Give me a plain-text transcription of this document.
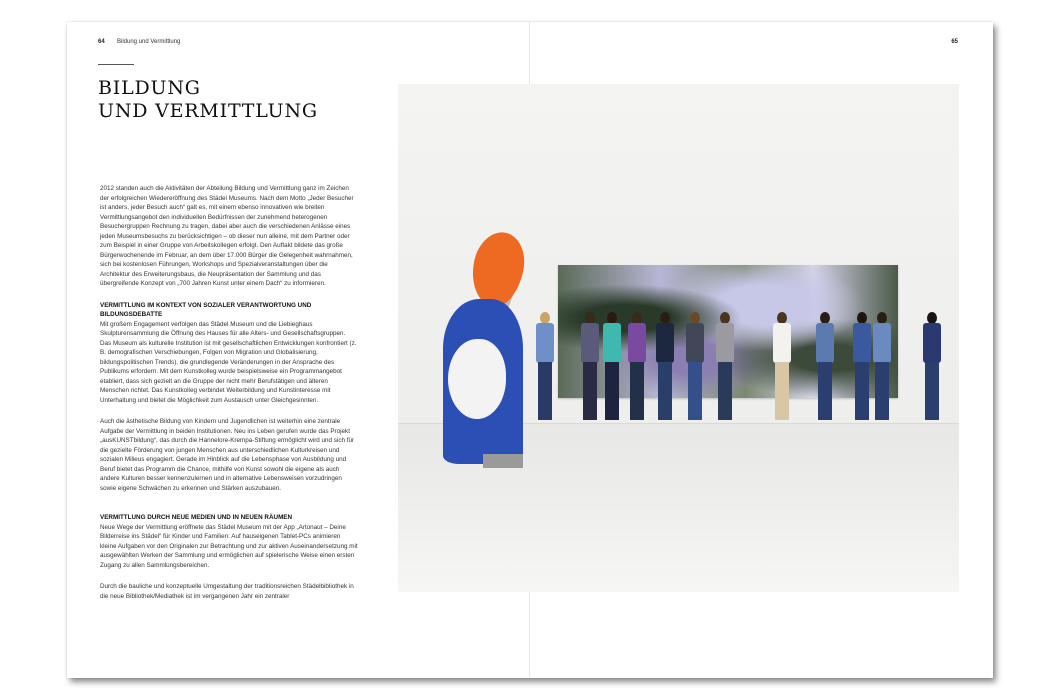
64 Bildung und Vermittlung
BILDUNG
UND VERMITTLUNG

2012 standen auch die Aktivitäten der Abteilung Bildung und Vermittlung ganz im Zeichen der erfolgreichen Wiedereröffnung des Städel Museums. Nach dem Motto „Jeder Besucher ist anders, jeder Besuch auch“ galt es, mit einem ebenso innovativen wie breiten Vermittlungsangebot den individuellen Bedürfnissen der zunehmend heterogenen Besuchergruppen Rechnung zu tragen, dabei aber auch die verschiedenen Anlässe eines jeden Museumsbesuchs zu berücksichtigen – ob dieser nun alleine, mit dem Partner oder zum Beispiel in einer Gruppe von Arbeitskollegen erfolgt. Den Auftakt bildete das große Bürgerwochenende im Februar, an dem über 17.000 Bürger die Gelegenheit wahrnahmen, sich bei kostenlosen Führungen, Workshops und Spezialveranstaltungen über die Architektur des Erweiterungsbaus, die Neupräsentation der Sammlung und das übergreifende Konzept von „700 Jahren Kunst unter einem Dach“ zu informieren.

VERMITTLUNG IM KONTEXT VON SOZIALER VERANTWORTUNG UND BILDUNGSDEBATTE

Mit großem Engagement verfolgen das Städel Museum und die Liebieghaus Skulpturensammlung die Öffnung des Hauses für alle Alters- und Gesellschaftsgruppen. Das Museum als kulturelle Institution ist mit gesellschaftlichen Entwicklungen konfrontiert (z. B. demografischen Verschiebungen, Folgen von Migration und Globalisierung, bildungspolitischen Trends), die grundlegende Veränderungen in der Ansprache des Publikums erfordern. Mit dem Kunstkolleg wurde beispielsweise ein Programmangebot etabliert, dass sich gezielt an die Gruppe der nicht mehr Berufstätigen und älteren Menschen richtet. Das Kunstkolleg verbindet Weiterbildung und Kunstinteresse mit Unterhaltung und bietet die Möglichkeit zum Austausch unter Gleichgesinnten.

Auch die ästhetische Bildung von Kindern und Jugendlichen ist weiterhin eine zentrale Aufgabe der Vermittlung in beiden Institutionen. Neu ins Leben gerufen wurde das Projekt „ausKUNSTbildung“, das durch die Hannelore-Krempa-Stiftung ermöglicht wird und sich für die gezielte Förderung von jungen Menschen aus unterschiedlichen Kulturkreisen und sozialen Milieus engagiert. Gerade im Hinblick auf die Lebensphase von Ausbildung und Beruf bietet das Programm die Chance, mithilfe von Kunst sowohl die eigene als auch andere Kulturen besser kennenzulernen und in alternative Lebensweisen vorzudringen sowie eigene Schwächen zu erkennen und Stärken auszubauen.

VERMITTLUNG DURCH NEUE MEDIEN UND IN NEUEN RÄUMEN

Neue Wege der Vermittlung eröffnete das Städel Museum mit der App „Artonaut – Deine Bilderreise ins Städel“ für Kinder und Familien: Auf hauseigenen Tablet-PCs animieren kleine Aufgaben vor den Originalen zur Betrachtung und zur aktiven Auseinandersetzung mit ausgewählten Werken der Sammlung und ermöglichen auf spielerische Weise einen ersten Zugang zu allen Sammlungsbereichen.

Durch die bauliche und konzeptuelle Umgestaltung der traditionsreichen Städelbibliothek in die neue Bibliothek/Mediathek ist im vergangenen Jahr ein zentraler

65
